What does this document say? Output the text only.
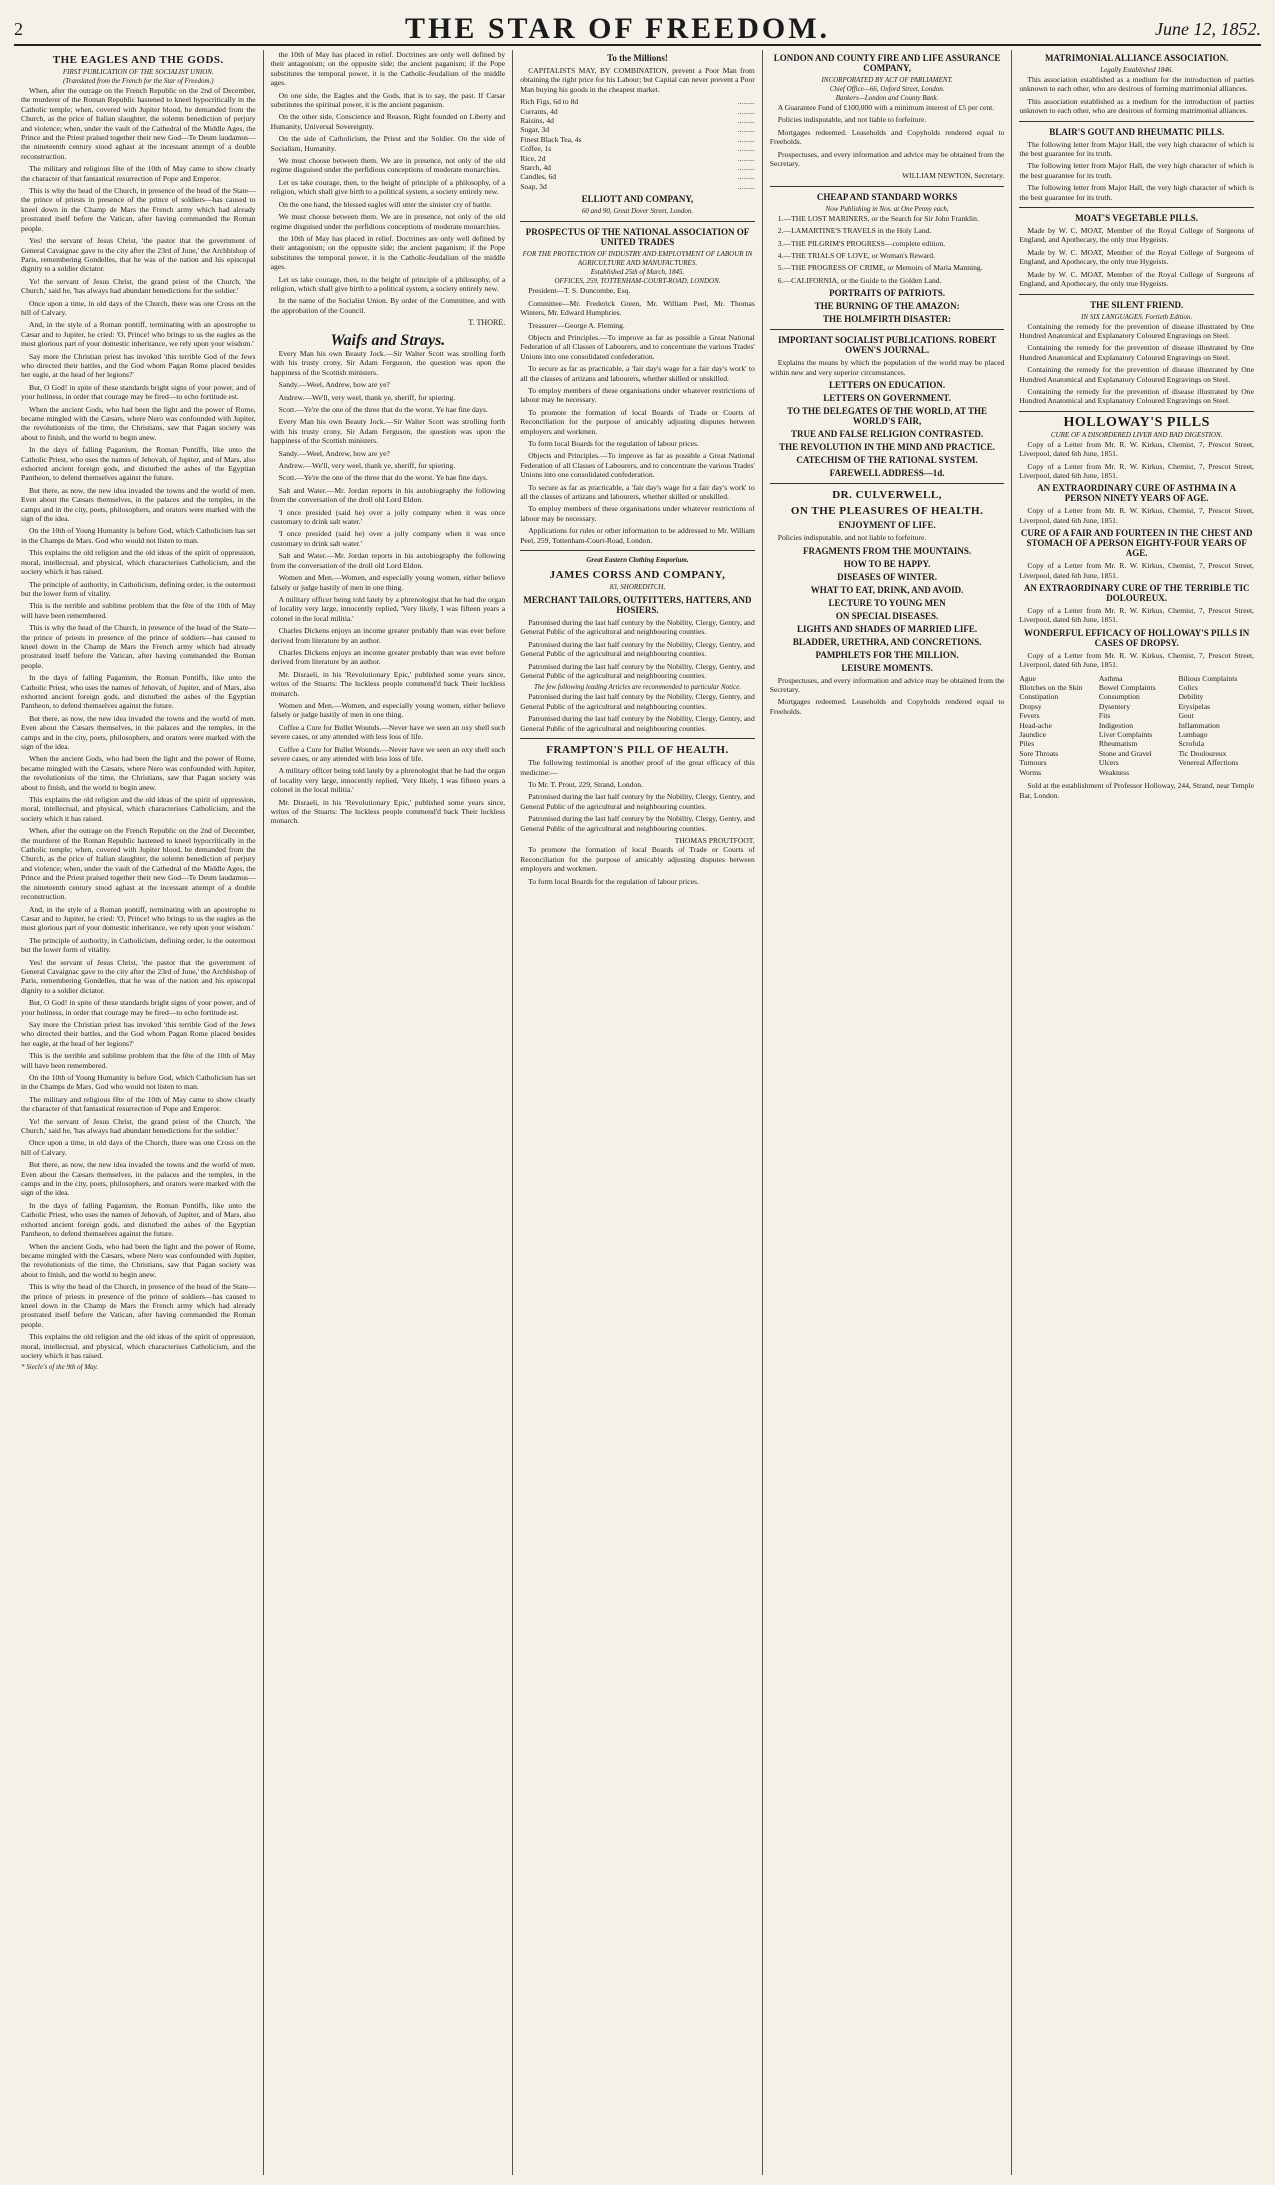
2	THE STAR OF FREEDOM.	June 12, 1852.
THE EAGLES AND THE GODS.
FIRST PUBLICATION OF THE SOCIALIST UNION.
(Translated from the French for the Star of Freedom.)

When, after the outrage on the French Republic on the 2nd of December, the murderer of the Roman Republic hastened to kneel hypocritically in the Catholic temple; when, covered with Jupiter blood, he demanded from the Church, as the price of Italian slaughter, the solemn benediction of perjury and violence; when, under the vault of the Cathedral of the Middle Ages, the Prince and the Priest praised together their new God—Te Deum laudamus—the nineteenth century stood aghast at the incessant attempt of a double reconstruction.

The military and religious fête of the 10th of May came to show clearly the character of that fantastical resurrection of Pope and Emperor.

This is why the head of the Church, in presence of the head of the State—the prince of priests in presence of the prince of soldiers—has caused to kneel down in the Champ de Mars the French army which had already prostrated itself before the Vatican, after having commanded the Roman people.

Yes! the servant of Jesus Christ, 'the pastor that the government of General Cavaignac gave to the city after the 23rd of June,' the Archbishop of Paris, remembering Gondelles, that he was of the nation and his episcopal dignity to a soldier dictator.

Ye! the servant of Jesus Christ, the grand priest of the Church, 'the Church,' said he, 'has always had abundant benedictions for the soldier.'

Once upon a time, in old days of the Church, there was one Cross on the hill of Calvary.

And, in the style of a Roman pontiff, terminating with an apostrophe to Cæsar and to Jupiter, he cried: 'O, Prince! who brings to us the eagles as the most glorious part of your domestic inheritance, we rely upon your wisdom.'

Say more the Christian priest has invoked 'this terrible God of the Jews who directed their battles, and the God whom Pagan Rome placed besides her eagle, at the head of her legions?'

But, O God! in spite of these standards bright signs of your power, and of your holiness, in order that courage may be fired—to echo fortitude est.

When the ancient Gods, who had been the light and the power of Rome, became mingled with the Cæsars, where Nero was confounded with Jupiter, the revolutionists of the time, the Christians, saw that Pagan society was about to finish, and the world to begin anew.

In the days of falling Paganism, the Roman Pontiffs, like unto the Catholic Priest, who uses the names of Jehovah, of Jupiter, and of Mars, also exhorted ancient foreign gods, and disturbed the ashes of the Egyptian Pantheon, to defend themselves against the future.

But there, as now, the new idea invaded the towns and the world of men. Even about the Cæsars themselves, in the palaces and the temples, in the camps and in the city, poets, philosophers, and orators were marked with the sign of the idea.

On the 10th of Young Humanity is before God, which Catholicism has set in the Champs de Mars. God who would not listen to man.

This explains the old religion and the old ideas of the spirit of oppression, moral, intellectual, and physical, which characterises Catholicism, and the society which it has raised.

The principle of authority, in Catholicism, defining order, is the outermost but the lower form of vitality.

This is the terrible and sublime problem that the fête of the 10th of May will have been remembered.

This is why the head of the Church, in presence of the head of the State—the prince of priests in presence of the prince of soldiers—has caused to kneel down in the Champ de Mars the French army which had already prostrated itself before the Vatican, after having commanded the Roman people.

In the days of falling Paganism, the Roman Pontiffs, like unto the Catholic Priest, who uses the names of Jehovah, of Jupiter, and of Mars, also exhorted ancient foreign gods, and disturbed the ashes of the Egyptian Pantheon, to defend themselves against the future.

But there, as now, the new idea invaded the towns and the world of men. Even about the Cæsars themselves, in the palaces and the temples, in the camps and in the city, poets, philosophers, and orators were marked with the sign of the idea.

When the ancient Gods, who had been the light and the power of Rome, became mingled with the Cæsars, where Nero was confounded with Jupiter, the revolutionists of the time, the Christians, saw that Pagan society was about to finish, and the world to begin anew.

This explains the old religion and the old ideas of the spirit of oppression, moral, intellectual, and physical, which characterises Catholicism, and the society which it has raised.

When, after the outrage on the French Republic on the 2nd of December, the murderer of the Roman Republic hastened to kneel hypocritically in the Catholic temple; when, covered with Jupiter blood, he demanded from the Church, as the price of Italian slaughter, the solemn benediction of perjury and violence; when, under the vault of the Cathedral of the Middle Ages, the Prince and the Priest praised together their new God—Te Deum laudamus—the nineteenth century stood aghast at the incessant attempt of a double reconstruction.

And, in the style of a Roman pontiff, terminating with an apostrophe to Cæsar and to Jupiter, he cried: 'O, Prince! who brings to us the eagles as the most glorious part of your domestic inheritance, we rely upon your wisdom.'

The principle of authority, in Catholicism, defining order, is the outermost but the lower form of vitality.

Yes! the servant of Jesus Christ, 'the pastor that the government of General Cavaignac gave to the city after the 23rd of June,' the Archbishop of Paris, remembering Gondelles, that he was of the nation and his episcopal dignity to a soldier dictator.

But, O God! in spite of these standards bright signs of your power, and of your holiness, in order that courage may be fired—to echo fortitude est.

Say more the Christian priest has invoked 'this terrible God of the Jews who directed their battles, and the God whom Pagan Rome placed besides her eagle, at the head of her legions?'

This is the terrible and sublime problem that the fête of the 10th of May will have been remembered.

On the 10th of Young Humanity is before God, which Catholicism has set in the Champs de Mars. God who would not listen to man.

The military and religious fête of the 10th of May came to show clearly the character of that fantastical resurrection of Pope and Emperor.

Ye! the servant of Jesus Christ, the grand priest of the Church, 'the Church,' said he, 'has always had abundant benedictions for the soldier.'

Once upon a time, in old days of the Church, there was one Cross on the hill of Calvary.

But there, as now, the new idea invaded the towns and the world of men. Even about the Cæsars themselves, in the palaces and the temples, in the camps and in the city, poets, philosophers, and orators were marked with the sign of the idea.

In the days of falling Paganism, the Roman Pontiffs, like unto the Catholic Priest, who uses the names of Jehovah, of Jupiter, and of Mars, also exhorted ancient foreign gods, and disturbed the ashes of the Egyptian Pantheon, to defend themselves against the future.

When the ancient Gods, who had been the light and the power of Rome, became mingled with the Cæsars, where Nero was confounded with Jupiter, the revolutionists of the time, the Christians, saw that Pagan society was about to finish, and the world to begin anew.

This is why the head of the Church, in presence of the head of the State—the prince of priests in presence of the prince of soldiers—has caused to kneel down in the Champ de Mars the French army which had already prostrated itself before the Vatican, after having commanded the Roman people.

This explains the old religion and the old ideas of the spirit of oppression, moral, intellectual, and physical, which characterises Catholicism, and the society which it has raised.

* Siecle's of the 9th of May.

the 10th of May has placed in relief. Doctrines are only well defined by their antagonism; on the opposite side; the ancient paganism; if the Pope substitutes the temporal power, it is the Catholic-feudalism of the middle ages.

On one side, the Eagles and the Gods, that is to say, the past. If Cæsar substitutes the spiritual power, it is the ancient paganism.

On the other side, Conscience and Reason, Right founded on Liberty and Humanity, Universal Sovereignty.

On the side of Catholicism, the Priest and the Soldier. On the side of Socialism, Humanity.

We must choose between them. We are in presence, not only of the old regime disguised under the perfidious conceptions of moderate monarchies.

Let us take courage, then, to the height of principle of a philosophy, of a religion, which shall give birth to a political system, a society entirely new.

On the one hand, the blessed eagles will utter the sinister cry of battle.

We must choose between them. We are in presence, not only of the old regime disguised under the perfidious conceptions of moderate monarchies.

the 10th of May has placed in relief. Doctrines are only well defined by their antagonism; on the opposite side; the ancient paganism; if the Pope substitutes the temporal power, it is the Catholic-feudalism of the middle ages.

Let us take courage, then, to the height of principle of a philosophy, of a religion, which shall give birth to a political system, a society entirely new.

In the name of the Socialist Union. By order of the Committee, and with the approbation of the Council.

T. THORE.
Waifs and Strays.

Every Man his own Beauty Jock.—Sir Walter Scott was strolling forth with his trusty crony, Sir Adam Ferguson, the question was upon the happiness of the Scottish ministers.

Sandy.—Weel, Andrew, how are ye?

Andrew.—We'll, very weel, thank ye, sheriff, for spiering.

Scott.—Ye're the one of the three that do the worst. Ye hae fine days.

Every Man his own Beauty Jock.—Sir Walter Scott was strolling forth with his trusty crony, Sir Adam Ferguson, the question was upon the happiness of the Scottish ministers.

Sandy.—Weel, Andrew, how are ye?

Andrew.—We'll, very weel, thank ye, sheriff, for spiering.

Scott.—Ye're the one of the three that do the worst. Ye hae fine days.

Salt and Water.—Mr. Jordan reports in his autobiography the following from the conversation of the droll old Lord Eldon.

'I once presided (said he) over a jolly company when it was once customary to drink salt water.'

'I once presided (said he) over a jolly company when it was once customary to drink salt water.'

Salt and Water.—Mr. Jordan reports in his autobiography the following from the conversation of the droll old Lord Eldon.

Women and Men.—Women, and especially young women, either believe falsely or judge hastily of men in one thing.

A military officer being told lately by a phrenologist that he had the organ of locality very large, innocently replied, 'Very likely, I was fifteen years a colonel in the local militia.'

Charles Dickens enjoys an income greater probably than was ever before derived from literature by an author.

Charles Dickens enjoys an income greater probably than was ever before derived from literature by an author.

Mr. Disraeli, in his 'Revolutionary Epic,' published some years since, writes of the Stuarts: The luckless people commend'd back Their luckless monarch.

Women and Men.—Women, and especially young women, either believe falsely or judge hastily of men in one thing.

Coffee a Cure for Bullet Wounds.—Never have we seen an oxy shell such severe cases, or any attended with less loss of life.

Coffee a Cure for Bullet Wounds.—Never have we seen an oxy shell such severe cases, or any attended with less loss of life.

A military officer being told lately by a phrenologist that he had the organ of locality very large, innocently replied, 'Very likely, I was fifteen years a colonel in the local militia.'

Mr. Disraeli, in his 'Revolutionary Epic,' published some years since, writes of the Stuarts: The luckless people commend'd back Their luckless monarch.

To the Millions!

CAPITALISTS MAY, BY COMBINATION, prevent a Poor Man from obtaining the right price for his Labour; but Capital can never prevent a Poor Man buying his goods in the cheapest market.

Rich Figs, 6d to 8d	.........
Currants, 4d	.........
Raisins, 4d	.........
Sugar, 3d	.........
Finest Black Tea, 4s	.........
Coffee, 1s	.........
Rice, 2d	.........
Starch, 4d	.........
Candles, 6d	.........
Soap, 3d	.........
ELLIOTT AND COMPANY,
60 and 90, Great Dover Street, London.
PROSPECTUS OF THE NATIONAL ASSOCIATION OF UNITED TRADES
FOR THE PROTECTION OF INDUSTRY AND EMPLOYMENT OF LABOUR IN AGRICULTURE AND MANUFACTURES.
Established 25th of March, 1845.
OFFICES, 259, TOTTENHAM-COURT-ROAD, LONDON.

President—T. S. Duncombe, Esq.

Committee—Mr. Frederick Green, Mr. William Peel, Mr. Thomas Winters, Mr. Edward Humphries.

Treasurer—George A. Fleming.

Objects and Principles.—To improve as far as possible a Great National Federation of all Classes of Labourers, and to concentrate the various Trades' Unions into one consolidated confederation.

To secure as far as practicable, a 'fair day's wage for a fair day's work' to all the classes of artizans and labourers, whether skilled or unskilled.

To employ members of these organisations under whatever restrictions of labour may be necessary.

To promote the formation of local Boards of Trade or Courts of Reconciliation for the purpose of amicably adjusting disputes between employers and workmen.

To form local Boards for the regulation of labour prices.

Objects and Principles.—To improve as far as possible a Great National Federation of all Classes of Labourers, and to concentrate the various Trades' Unions into one consolidated confederation.

To secure as far as practicable, a 'fair day's wage for a fair day's work' to all the classes of artizans and labourers, whether skilled or unskilled.

To employ members of these organisations under whatever restrictions of labour may be necessary.

Applications for rules or other information to be addressed to Mr. William Peel, 259, Tottenham-Court-Road, London.

Great Eastern Clothing Emporium.
JAMES CORSS AND COMPANY,
83, SHOREDITCH,
MERCHANT TAILORS, OUTFITTERS, HATTERS, AND HOSIERS.

Patronised during the last half century by the Nobility, Clergy, Gentry, and General Public of the agricultural and neighbouring counties.

Patronised during the last half century by the Nobility, Clergy, Gentry, and General Public of the agricultural and neighbouring counties.

Patronised during the last half century by the Nobility, Clergy, Gentry, and General Public of the agricultural and neighbouring counties.

The few following leading Articles are recommended to particular Notice.

Patronised during the last half century by the Nobility, Clergy, Gentry, and General Public of the agricultural and neighbouring counties.

Patronised during the last half century by the Nobility, Clergy, Gentry, and General Public of the agricultural and neighbouring counties.

FRAMPTON'S PILL OF HEALTH.

The following testimonial is another proof of the great efficacy of this medicine:—

To Mr. T. Prout, 229, Strand, London.

Patronised during the last half century by the Nobility, Clergy, Gentry, and General Public of the agricultural and neighbouring counties.

Patronised during the last half century by the Nobility, Clergy, Gentry, and General Public of the agricultural and neighbouring counties.

THOMAS PROUTFOOT.

To promote the formation of local Boards of Trade or Courts of Reconciliation for the purpose of amicably adjusting disputes between employers and workmen.

To form local Boards for the regulation of labour prices.

LONDON AND COUNTY FIRE AND LIFE ASSURANCE COMPANY,
INCORPORATED BY ACT OF PARLIAMENT.
Chief Office—66, Oxford Street, London.
Bankers—London and County Bank.

A Guarantee Fund of £100,000 with a minimum interest of £5 per cent.

Policies indisputable, and not liable to forfeiture.

Mortgages redeemed. Leaseholds and Copyholds rendered equal to Freeholds.

Prospectuses, and every information and advice may be obtained from the Secretary.

WILLIAM NEWTON, Secretary.
CHEAP AND STANDARD WORKS
Now Publishing in Nos. at One Penny each,

1.—THE LOST MARINERS, or the Search for Sir John Franklin.

2.—LAMARTINE'S TRAVELS in the Holy Land.

3.—THE PILGRIM'S PROGRESS—complete edition.

4.—THE TRIALS OF LOVE, or Woman's Reward.

5.—THE PROGRESS OF CRIME, or Memoirs of Maria Manning.

6.—CALIFORNIA, or the Guide to the Golden Land.

PORTRAITS OF PATRIOTS.
THE BURNING OF THE AMAZON:
THE HOLMFIRTH DISASTER:
IMPORTANT SOCIALIST PUBLICATIONS. ROBERT OWEN'S JOURNAL.

Explains the means by which the population of the world may be placed within new and very superior circumstances.

LETTERS ON EDUCATION.
LETTERS ON GOVERNMENT.
TO THE DELEGATES OF THE WORLD, AT THE WORLD'S FAIR,
TRUE AND FALSE RELIGION CONTRASTED.
THE REVOLUTION IN THE MIND AND PRACTICE.
CATECHISM OF THE RATIONAL SYSTEM.
FAREWELL ADDRESS—1d.
DR. CULVERWELL,
ON THE PLEASURES OF HEALTH.
ENJOYMENT OF LIFE.

Policies indisputable, and not liable to forfeiture.

FRAGMENTS FROM THE MOUNTAINS.
HOW TO BE HAPPY.
DISEASES OF WINTER.
WHAT TO EAT, DRINK, AND AVOID.
LECTURE TO YOUNG MEN
ON SPECIAL DISEASES.
LIGHTS AND SHADES OF MARRIED LIFE.
BLADDER, URETHRA, AND CONCRETIONS.
PAMPHLETS FOR THE MILLION.
LEISURE MOMENTS.

Prospectuses, and every information and advice may be obtained from the Secretary.

Mortgages redeemed. Leaseholds and Copyholds rendered equal to Freeholds.

MATRIMONIAL ALLIANCE ASSOCIATION.
Legally Established 1846.

This association established as a medium for the introduction of parties unknown to each other, who are desirous of forming matrimonial alliances.

This association established as a medium for the introduction of parties unknown to each other, who are desirous of forming matrimonial alliances.

BLAIR'S GOUT AND RHEUMATIC PILLS.

The following letter from Major Hall, the very high character of which is the best guarantee for its truth.

The following letter from Major Hall, the very high character of which is the best guarantee for its truth.

The following letter from Major Hall, the very high character of which is the best guarantee for its truth.

MOAT'S VEGETABLE PILLS.

Made by W. C. MOAT, Member of the Royal College of Surgeons of England, and Apothecary, the only true Hygeists.

Made by W. C. MOAT, Member of the Royal College of Surgeons of England, and Apothecary, the only true Hygeists.

Made by W. C. MOAT, Member of the Royal College of Surgeons of England, and Apothecary, the only true Hygeists.

THE SILENT FRIEND.
IN SIX LANGUAGES. Fortieth Edition.

Containing the remedy for the prevention of disease illustrated by One Hundred Anatomical and Explanatory Coloured Engravings on Steel.

Containing the remedy for the prevention of disease illustrated by One Hundred Anatomical and Explanatory Coloured Engravings on Steel.

Containing the remedy for the prevention of disease illustrated by One Hundred Anatomical and Explanatory Coloured Engravings on Steel.

Containing the remedy for the prevention of disease illustrated by One Hundred Anatomical and Explanatory Coloured Engravings on Steel.

HOLLOWAY'S PILLS
CURE OF A DISORDERED LIVER AND BAD DIGESTION.

Copy of a Letter from Mr. R. W. Kirkus, Chemist, 7, Prescot Street, Liverpool, dated 6th June, 1851.

Copy of a Letter from Mr. R. W. Kirkus, Chemist, 7, Prescot Street, Liverpool, dated 6th June, 1851.

AN EXTRAORDINARY CURE OF ASTHMA IN A PERSON NINETY YEARS OF AGE.

Copy of a Letter from Mr. R. W. Kirkus, Chemist, 7, Prescot Street, Liverpool, dated 6th June, 1851.

CURE OF A FAIR AND FOURTEEN IN THE CHEST AND STOMACH OF A PERSON EIGHTY-FOUR YEARS OF AGE.

Copy of a Letter from Mr. R. W. Kirkus, Chemist, 7, Prescot Street, Liverpool, dated 6th June, 1851.

AN EXTRAORDINARY CURE OF THE TERRIBLE TIC DOLOUREUX.

Copy of a Letter from Mr. R. W. Kirkus, Chemist, 7, Prescot Street, Liverpool, dated 6th June, 1851.

WONDERFUL EFFICACY OF HOLLOWAY'S PILLS IN CASES OF DROPSY.

Copy of a Letter from Mr. R. W. Kirkus, Chemist, 7, Prescot Street, Liverpool, dated 6th June, 1851.

Ague	Asthma	Bilious Complaints
Blotches on the Skin	Bowel Complaints	Colics
Constipation	Consumption	Debility
Dropsy	Dysentery	Erysipelas
Fevers	Fits	Gout
Head-ache	Indigestion	Inflammation
Jaundice	Liver Complaints	Lumbago
Piles	Rheumatism	Scrofula
Sore Throats	Stone and Gravel	Tic Douloureux
Tumours	Ulcers	Venereal Affections
Worms	Weakness

Sold at the establishment of Professor Holloway, 244, Strand, near Temple Bar, London.
